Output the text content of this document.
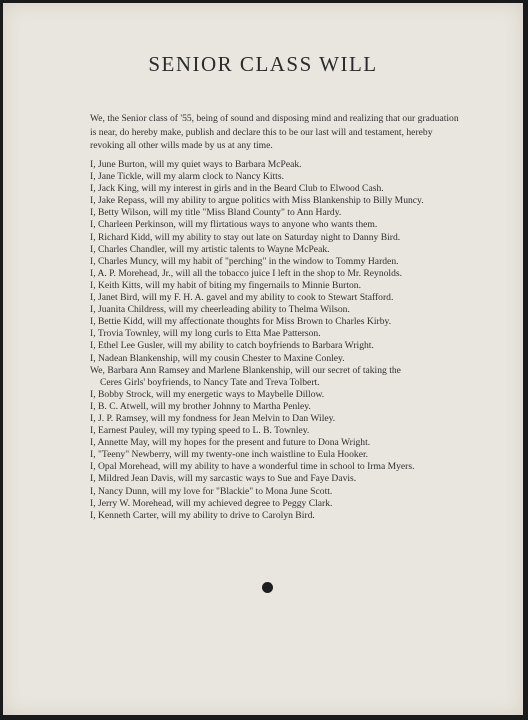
SENIOR CLASS WILL
We, the Senior class of '55, being of sound and disposing mind and realizing that our graduation is near, do hereby make, publish and declare this to be our last will and testament, hereby revoking all other wills made by us at any time.
I, June Burton, will my quiet ways to Barbara McPeak.
I, Jane Tickle, will my alarm clock to Nancy Kitts.
I, Jack King, will my interest in girls and in the Beard Club to Elwood Cash.
I, Jake Repass, will my ability to argue politics with Miss Blankenship to Billy Muncy.
I, Betty Wilson, will my title "Miss Bland County" to Ann Hardy.
I, Charleen Perkinson, will my flirtatious ways to anyone who wants them.
I, Richard Kidd, will my ability to stay out late on Saturday night to Danny Bird.
I, Charles Chandler, will my artistic talents to Wayne McPeak.
I, Charles Muncy, will my habit of "perching" in the window to Tommy Harden.
I, A. P. Morehead, Jr., will all the tobacco juice I left in the shop to Mr. Reynolds.
I, Keith Kitts, will my habit of biting my fingernails to Minnie Burton.
I, Janet Bird, will my F. H. A. gavel and my ability to cook to Stewart Stafford.
I, Juanita Childress, will my cheerleading ability to Thelma Wilson.
I, Bettie Kidd, will my affectionate thoughts for Miss Brown to Charles Kirby.
I, Trovia Townley, will my long curls to Etta Mae Patterson.
I, Ethel Lee Gusler, will my ability to catch boyfriends to Barbara Wright.
I, Nadean Blankenship, will my cousin Chester to Maxine Conley.
We, Barbara Ann Ramsey and Marlene Blankenship, will our secret of taking the
Ceres Girls' boyfriends, to Nancy Tate and Treva Tolbert.
I, Bobby Strock, will my energetic ways to Maybelle Dillow.
I, B. C. Atwell, will my brother Johnny to Martha Penley.
I, J. P. Ramsey, will my fondness for Jean Melvin to Dan Wiley.
I, Earnest Pauley, will my typing speed to L. B. Townley.
I, Annette May, will my hopes for the present and future to Dona Wright.
I, "Teeny" Newberry, will my twenty-one inch waistline to Eula Hooker.
I, Opal Morehead, will my ability to have a wonderful time in school to Irma Myers.
I, Mildred Jean Davis, will my sarcastic ways to Sue and Faye Davis.
I, Nancy Dunn, will my love for "Blackie" to Mona June Scott.
I, Jerry W. Morehead, will my achieved degree to Peggy Clark.
I, Kenneth Carter, will my ability to drive to Carolyn Bird.
